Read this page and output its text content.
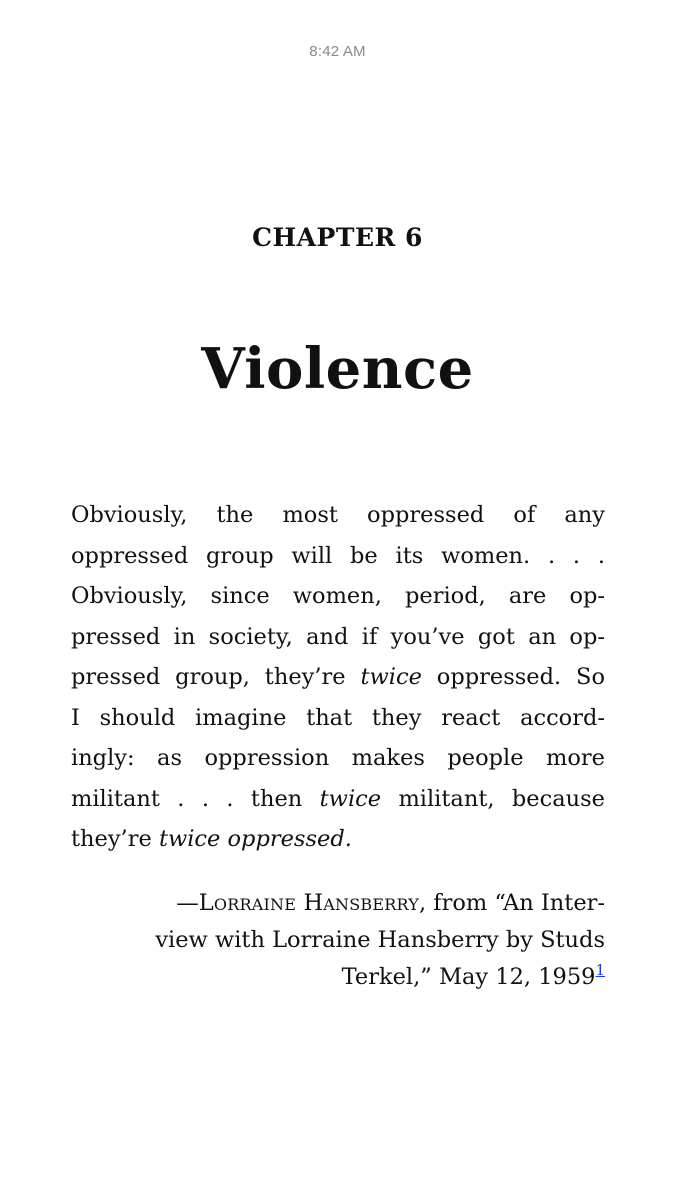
8:42 AM
CHAPTER 6
Violence
Obviously, the most oppressed of any
oppressed group will be its women. . . .
Obviously, since women, period, are op-
pressed in society, and if you’ve got an op-
pressed group, they’re twice oppressed. So
I should imagine that they react accord-
ingly: as oppression makes people more
militant . . . then twice militant, because
they’re twice oppressed.
—Lorraine Hansberry, from “An Inter-
view with Lorraine Hansberry by Studs
Terkel,” May 12, 1959$^1$
